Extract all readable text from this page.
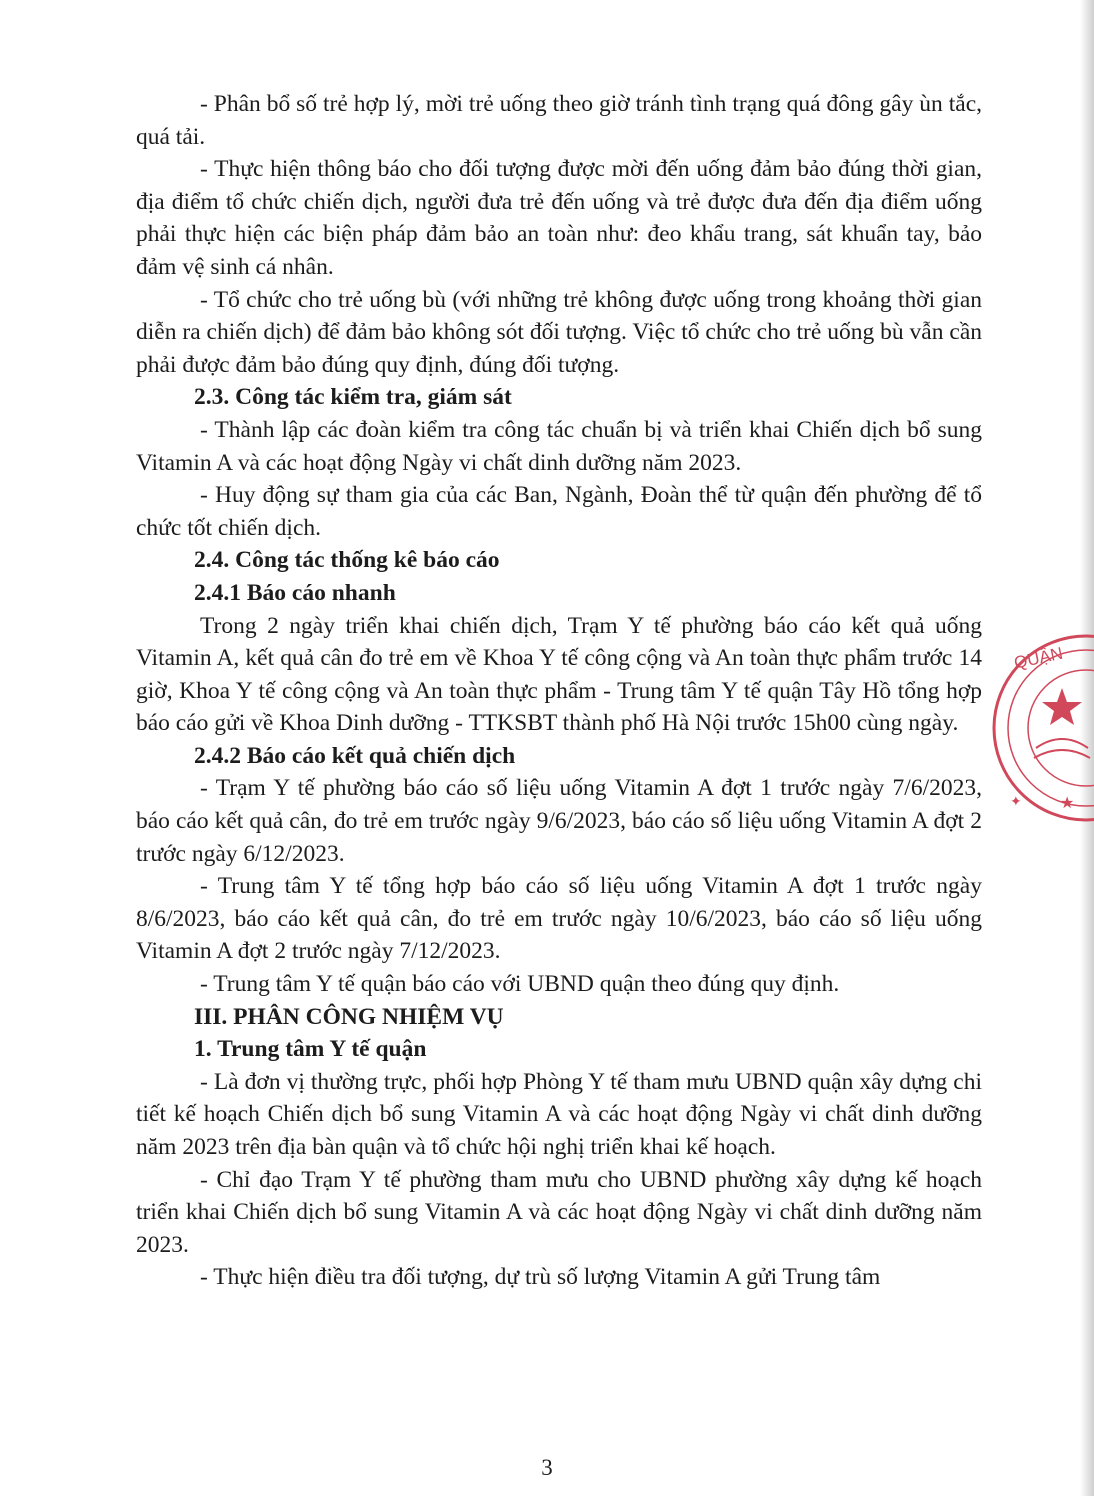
- Phân bổ số trẻ hợp lý, mời trẻ uống theo giờ tránh tình trạng quá đông gây ùn tắc, quá tải.

- Thực hiện thông báo cho đối tượng được mời đến uống đảm bảo đúng thời gian, địa điểm tổ chức chiến dịch, người đưa trẻ đến uống và trẻ được đưa đến địa điểm uống phải thực hiện các biện pháp đảm bảo an toàn như: đeo khẩu trang, sát khuẩn tay, bảo đảm vệ sinh cá nhân.

- Tổ chức cho trẻ uống bù (với những trẻ không được uống trong khoảng thời gian diễn ra chiến dịch) để đảm bảo không sót đối tượng. Việc tổ chức cho trẻ uống bù vẫn cần phải được đảm bảo đúng quy định, đúng đối tượng.

2.3. Công tác kiểm tra, giám sát

- Thành lập các đoàn kiểm tra công tác chuẩn bị và triển khai Chiến dịch bổ sung Vitamin A và các hoạt động Ngày vi chất dinh dưỡng năm 2023.

- Huy động sự tham gia của các Ban, Ngành, Đoàn thể từ quận đến phường để tổ chức tốt chiến dịch.

2.4. Công tác thống kê báo cáo

2.4.1 Báo cáo nhanh

Trong 2 ngày triển khai chiến dịch, Trạm Y tế phường báo cáo kết quả uống Vitamin A, kết quả cân đo trẻ em về Khoa Y tế công cộng và An toàn thực phẩm trước 14 giờ, Khoa Y tế công cộng và An toàn thực phẩm - Trung tâm Y tế quận Tây Hồ tổng hợp báo cáo gửi về Khoa Dinh dưỡng - TTKSBT thành phố Hà Nội trước 15h00 cùng ngày.

2.4.2 Báo cáo kết quả chiến dịch

- Trạm Y tế phường báo cáo số liệu uống Vitamin A đợt 1 trước ngày 7/6/2023, báo cáo kết quả cân, đo trẻ em trước ngày 9/6/2023, báo cáo số liệu uống Vitamin A đợt 2 trước ngày 6/12/2023.

- Trung tâm Y tế tổng hợp báo cáo số liệu uống Vitamin A đợt 1 trước ngày 8/6/2023, báo cáo kết quả cân, đo trẻ em trước ngày 10/6/2023, báo cáo số liệu uống Vitamin A đợt 2 trước ngày 7/12/2023.

- Trung tâm Y tế quận báo cáo với UBND quận theo đúng quy định.

III. PHÂN CÔNG NHIỆM VỤ

1. Trung tâm Y tế quận

- Là đơn vị thường trực, phối hợp Phòng Y tế tham mưu UBND quận xây dựng chi tiết kế hoạch Chiến dịch bổ sung Vitamin A và các hoạt động Ngày vi chất dinh dưỡng năm 2023 trên địa bàn quận và tổ chức hội nghị triển khai kế hoạch.

- Chỉ đạo Trạm Y tế phường tham mưu cho UBND phường xây dựng kế hoạch triển khai Chiến dịch bổ sung Vitamin A và các hoạt động Ngày vi chất dinh dưỡng năm 2023.

- Thực hiện điều tra đối tượng, dự trù số lượng Vitamin A gửi Trung tâm

QUẬN
✦ ★
3
